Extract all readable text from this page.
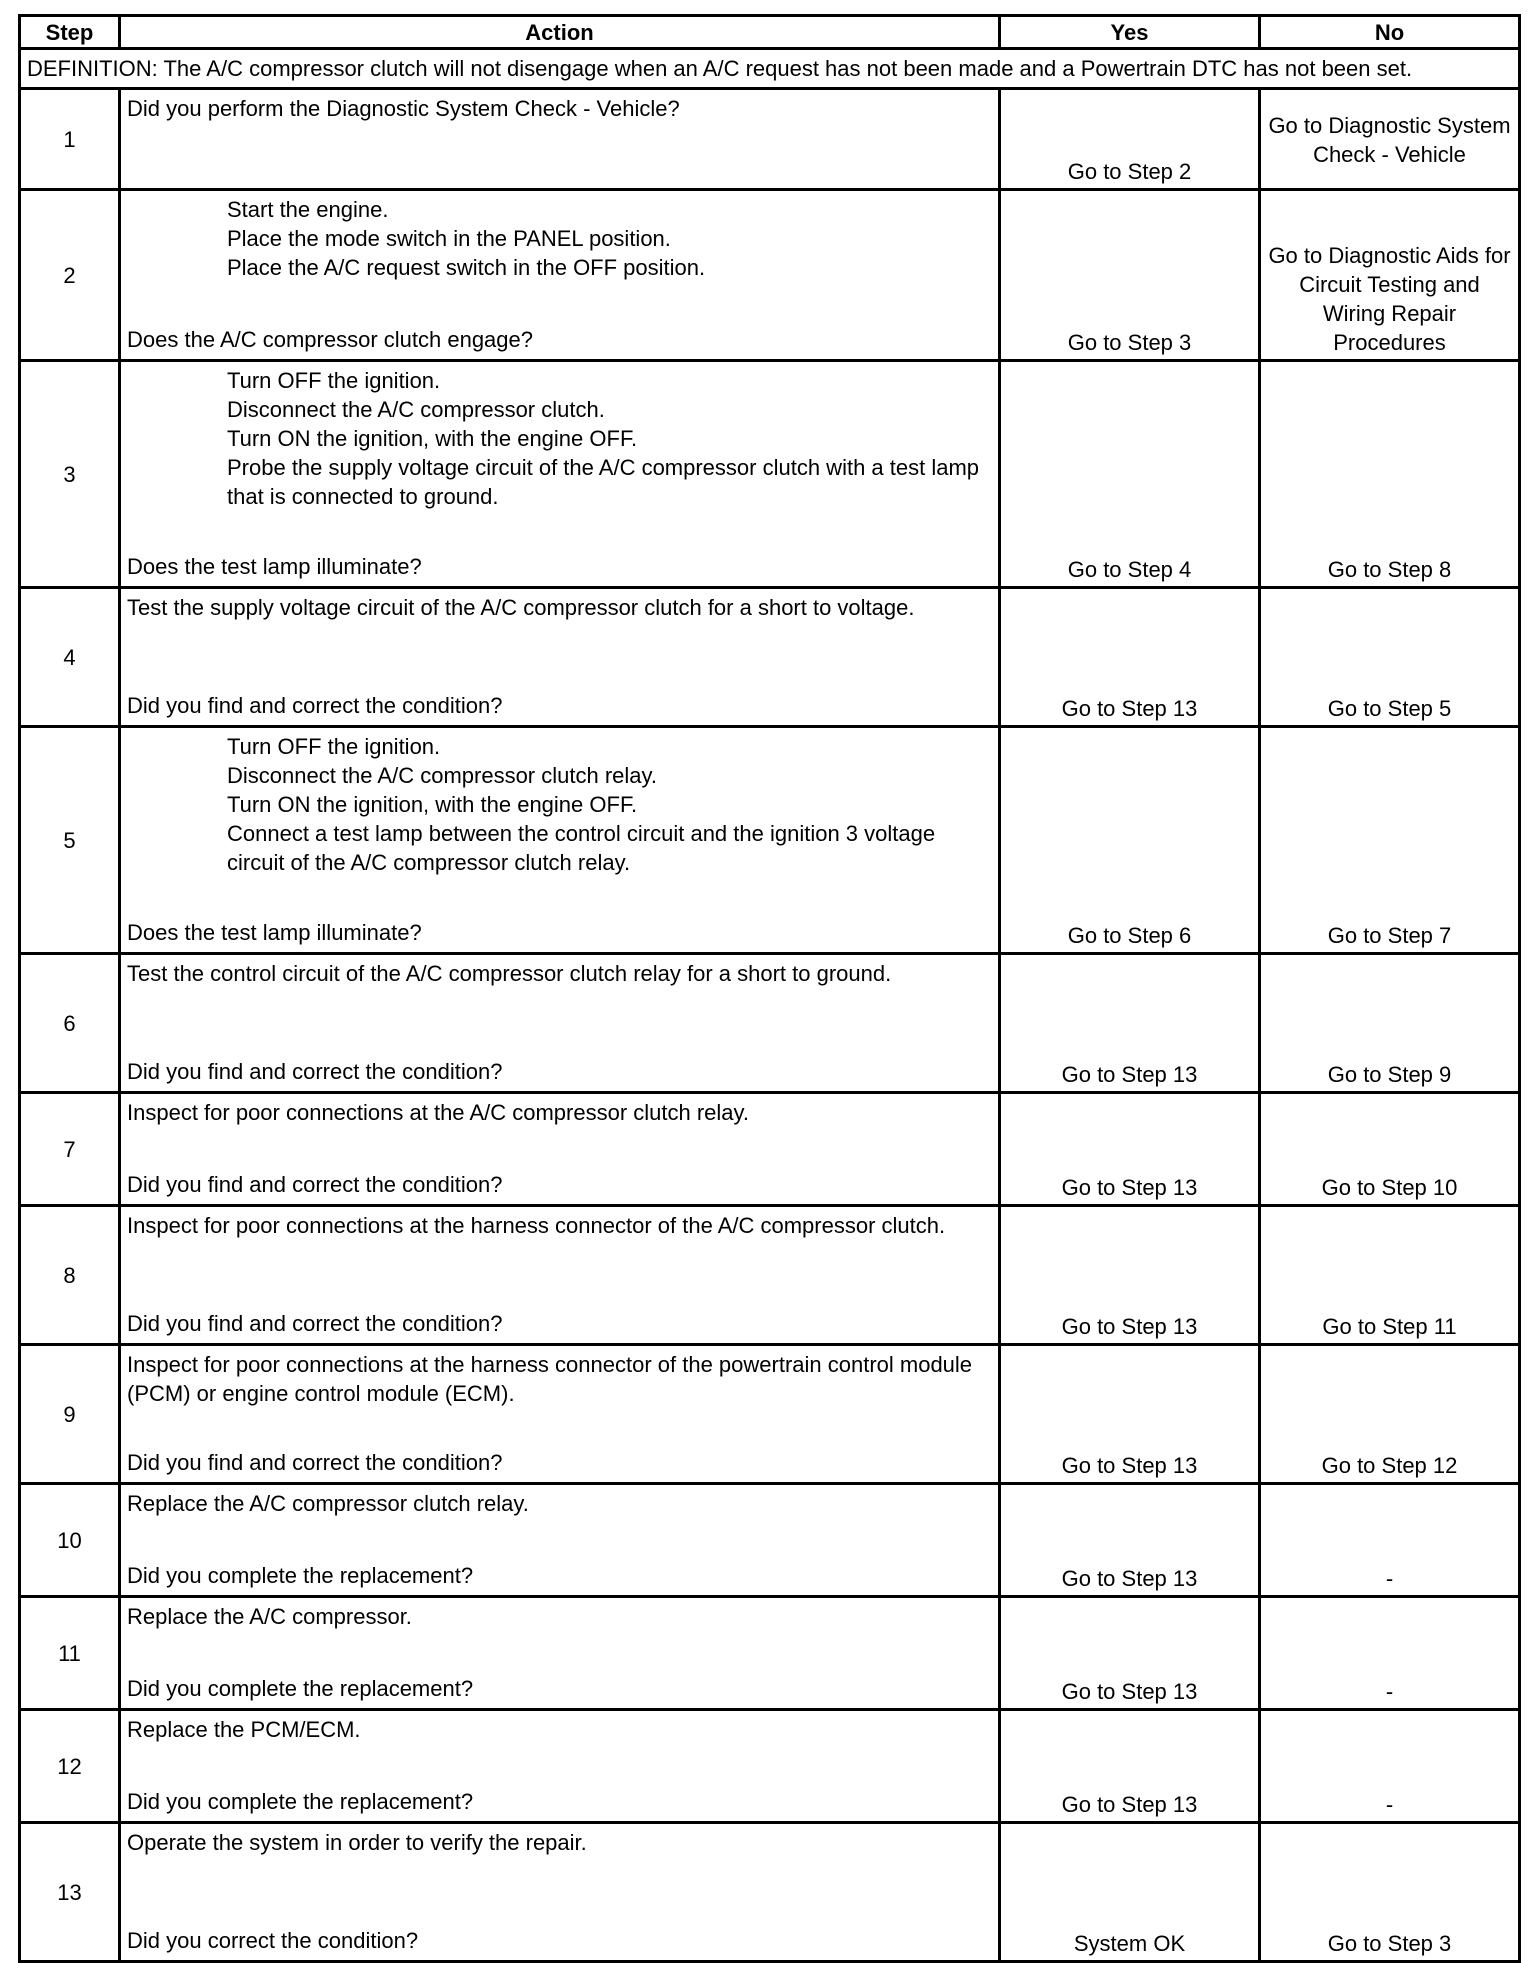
Step	Action	Yes	No
DEFINITION: The A/C compressor clutch will not disengage when an A/C request has not been made and a Powertrain DTC has not been set.			
1	Did you perform the Diagnostic System Check - Vehicle?	Go to Step 2	Go to Diagnostic System Check - Vehicle
2	Start the engine.
Place the mode switch in the PANEL position.
Place the A/C request switch in the OFF position.
Does the A/C compressor clutch engage?	Go to Step 3	Go to Diagnostic Aids for Circuit Testing and Wiring Repair Procedures
3	Turn OFF the ignition.
Disconnect the A/C compressor clutch.
Turn ON the ignition, with the engine OFF.
Probe the supply voltage circuit of the A/C compressor clutch with a test lamp that is connected to ground.
Does the test lamp illuminate?	Go to Step 4	Go to Step 8
4	Test the supply voltage circuit of the A/C compressor clutch for a short to voltage.
Did you find and correct the condition?	Go to Step 13	Go to Step 5
5	Turn OFF the ignition.
Disconnect the A/C compressor clutch relay.
Turn ON the ignition, with the engine OFF.
Connect a test lamp between the control circuit and the ignition 3 voltage circuit of the A/C compressor clutch relay.
Does the test lamp illuminate?	Go to Step 6	Go to Step 7
6	Test the control circuit of the A/C compressor clutch relay for a short to ground.
Did you find and correct the condition?	Go to Step 13	Go to Step 9
7	Inspect for poor connections at the A/C compressor clutch relay.
Did you find and correct the condition?	Go to Step 13	Go to Step 10
8	Inspect for poor connections at the harness connector of the A/C compressor clutch.
Did you find and correct the condition?	Go to Step 13	Go to Step 11
9	Inspect for poor connections at the harness connector of the powertrain control module (PCM) or engine control module (ECM).
Did you find and correct the condition?	Go to Step 13	Go to Step 12
10	Replace the A/C compressor clutch relay.
Did you complete the replacement?	Go to Step 13	-
11	Replace the A/C compressor.
Did you complete the replacement?	Go to Step 13	-
12	Replace the PCM/ECM.
Did you complete the replacement?	Go to Step 13	-
13	Operate the system in order to verify the repair.
Did you correct the condition?	System OK	Go to Step 3
